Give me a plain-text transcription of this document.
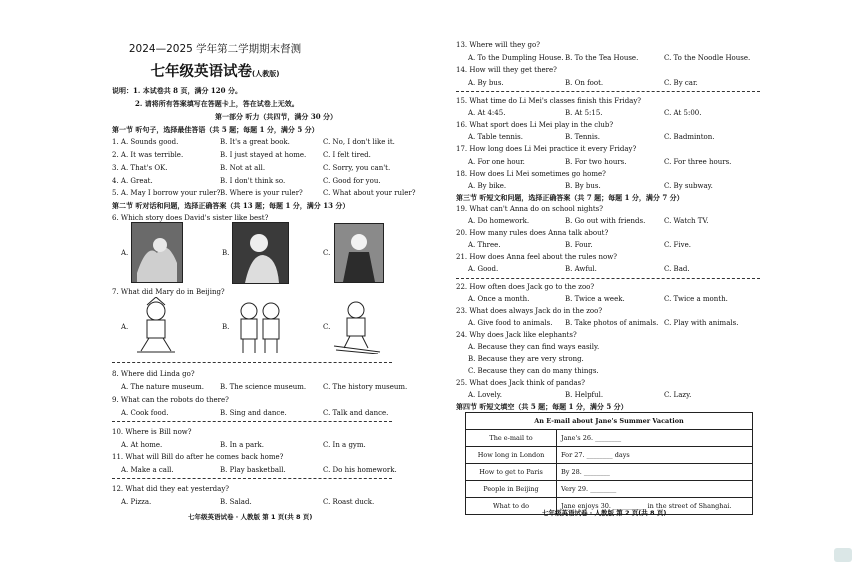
2024—2025 学年第二学期期末督测
七年级英语试卷(人教版)
说明：1. 本试卷共 8 页，满分 120 分。
2. 请将所有答案填写在答题卡上，答在试卷上无效。
第一部分 听力（共四节，满分 30 分）
第一节 听句子，选择最佳答语（共 5 题；每题 1 分，满分 5 分）
1. A. Sounds good.	B. It's a great book.	C. No, I don't like it.
2. A. It was terrible.	B. I just stayed at home. C. I felt tired.
3. A. That's OK.	B. Not at all.	C. Sorry, you can't.
4. A. Great.	B. I don't think so.	C. Good for you.
5. A. May I borrow your ruler? B. Where is your ruler?	C. What about your ruler?
第二节 听对话和问题，选择正确答案（共 13 题；每题 1 分，满分 13 分）
6. Which story does David's sister like best?
A.	B.	C.
7. What did Mary do in Beijing?
A.	B.	C.
8. Where did Linda go?
A. The nature museum. B. The science museum. C. The history museum.
9. What can the robots do there?
A. Cook food.	B. Sing and dance.	C. Talk and dance.
10. Where is Bill now?
A. At home.	B. In a park.	C. In a gym.
11. What will Bill do after he comes back home?
A. Make a call.	B. Play basketball.	C. Do his homework.
12. What did they eat yesterday?
A. Pizza.	B. Salad.	C. Roast duck.
七年级英语试卷 · 人教版 第 1 页(共 8 页)
13. Where will they go?
A. To the Dumpling House. B. To the Tea House.	C. To the Noodle House.
14. How will they get there?
A. By bus.	B. On foot.	C. By car.
15. What time do Li Mei's classes finish this Friday?
A. At 4:45.	B. At 5:15.	C. At 5:00.
16. What sport does Li Mei play in the club?
A. Table tennis.	B. Tennis.	C. Badminton.
17. How long does Li Mei practice it every Friday?
A. For one hour.	B. For two hours.	C. For three hours.
18. How does Li Mei sometimes go home?
A. By bike.	B. By bus.	C. By subway.
第三节 听短文和问题，选择正确答案（共 7 题；每题 1 分，满分 7 分）
19. What can't Anna do on school nights?
A. Do homework.	B. Go out with friends.	C. Watch TV.
20. How many rules does Anna talk about?
A. Three.	B. Four.	C. Five.
21. How does Anna feel about the rules now?
A. Good.	B. Awful.	C. Bad.
22. How often does Jack go to the zoo?
A. Once a month.	B. Twice a week.	C. Twice a month.
23. What does always Jack do in the zoo?
A. Give food to animals. B. Take photos of animals. C. Play with animals.
24. Why does Jack like elephants?
A. Because they can find ways easily.
B. Because they are very strong.
C. Because they can do many things.
25. What does Jack think of pandas?
A. Lovely.	B. Helpful.	C. Lazy.
第四节 听短文填空（共 5 题；每题 1 分，满分 5 分）
An E-mail about Jane's Summer Vacation	
The e-mail to	Jane's 26. ________
How long in London	For 27. ________ days
How to get to Paris	By 28. ________
People in Beijing	Very 29. ________
What to do	Jane enjoys 30. __________ in the street of Shanghai.
七年级英语试卷 · 人教版 第 2 页(共 8 页)
